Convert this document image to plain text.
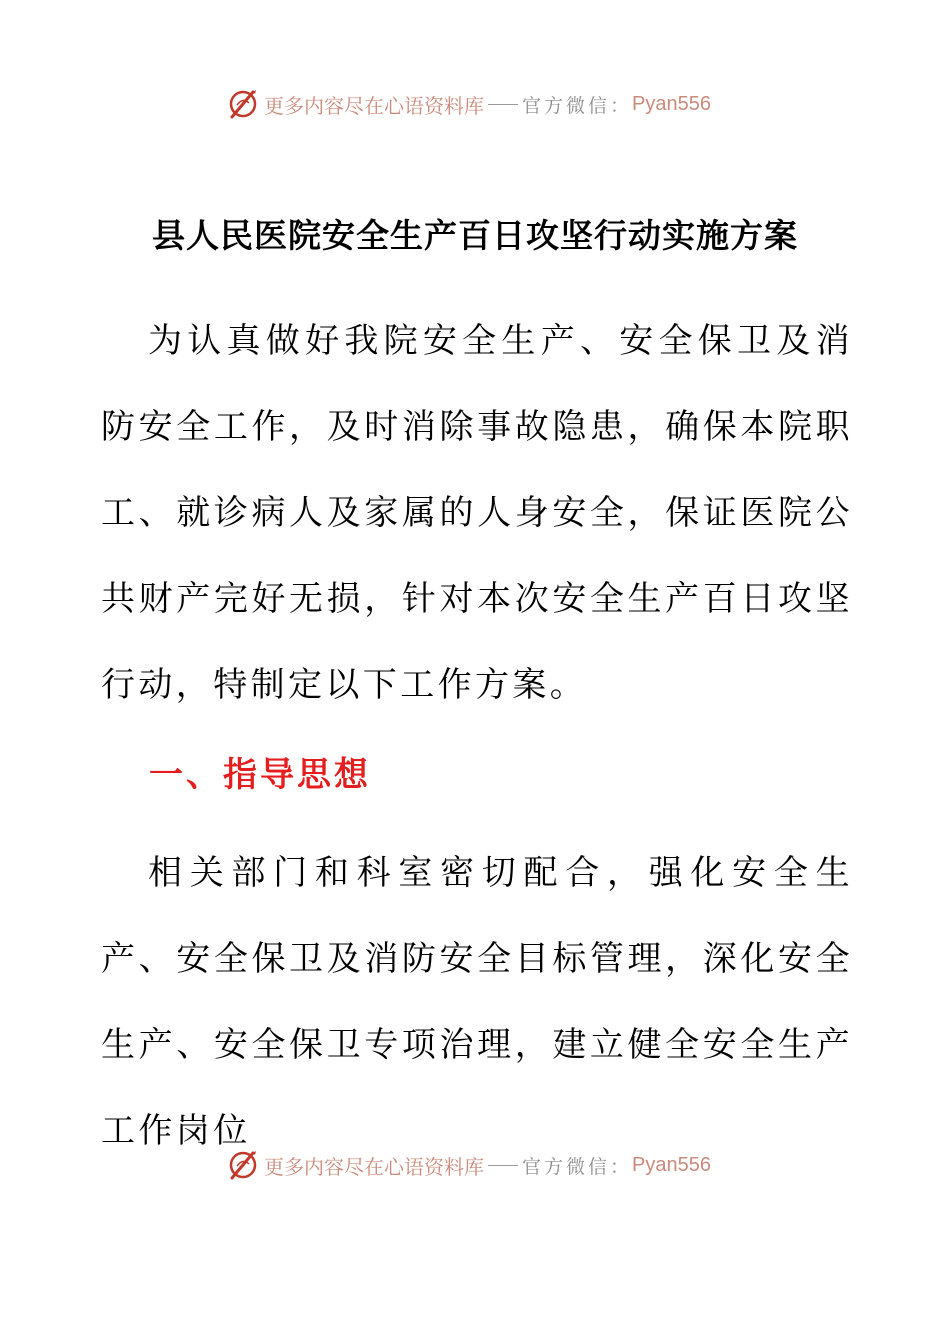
更多内容尽在心语资料库 官方微信： Pyan556
县人民医院安全生产百日攻坚行动实施方案

为认真做好我院安全生产、安全保卫及消防安全工作，及时消除事故隐患，确保本院职工、就诊病人及家属的人身安全，保证医院公共财产完好无损，针对本次安全生产百日攻坚行动，特制定以下工作方案。

一、指导思想

相关部门和科室密切配合，强化安全生产、安全保卫及消防安全目标管理，深化安全生产、安全保卫专项治理，建立健全安全生产工作岗位

更多内容尽在心语资料库 官方微信： Pyan556
